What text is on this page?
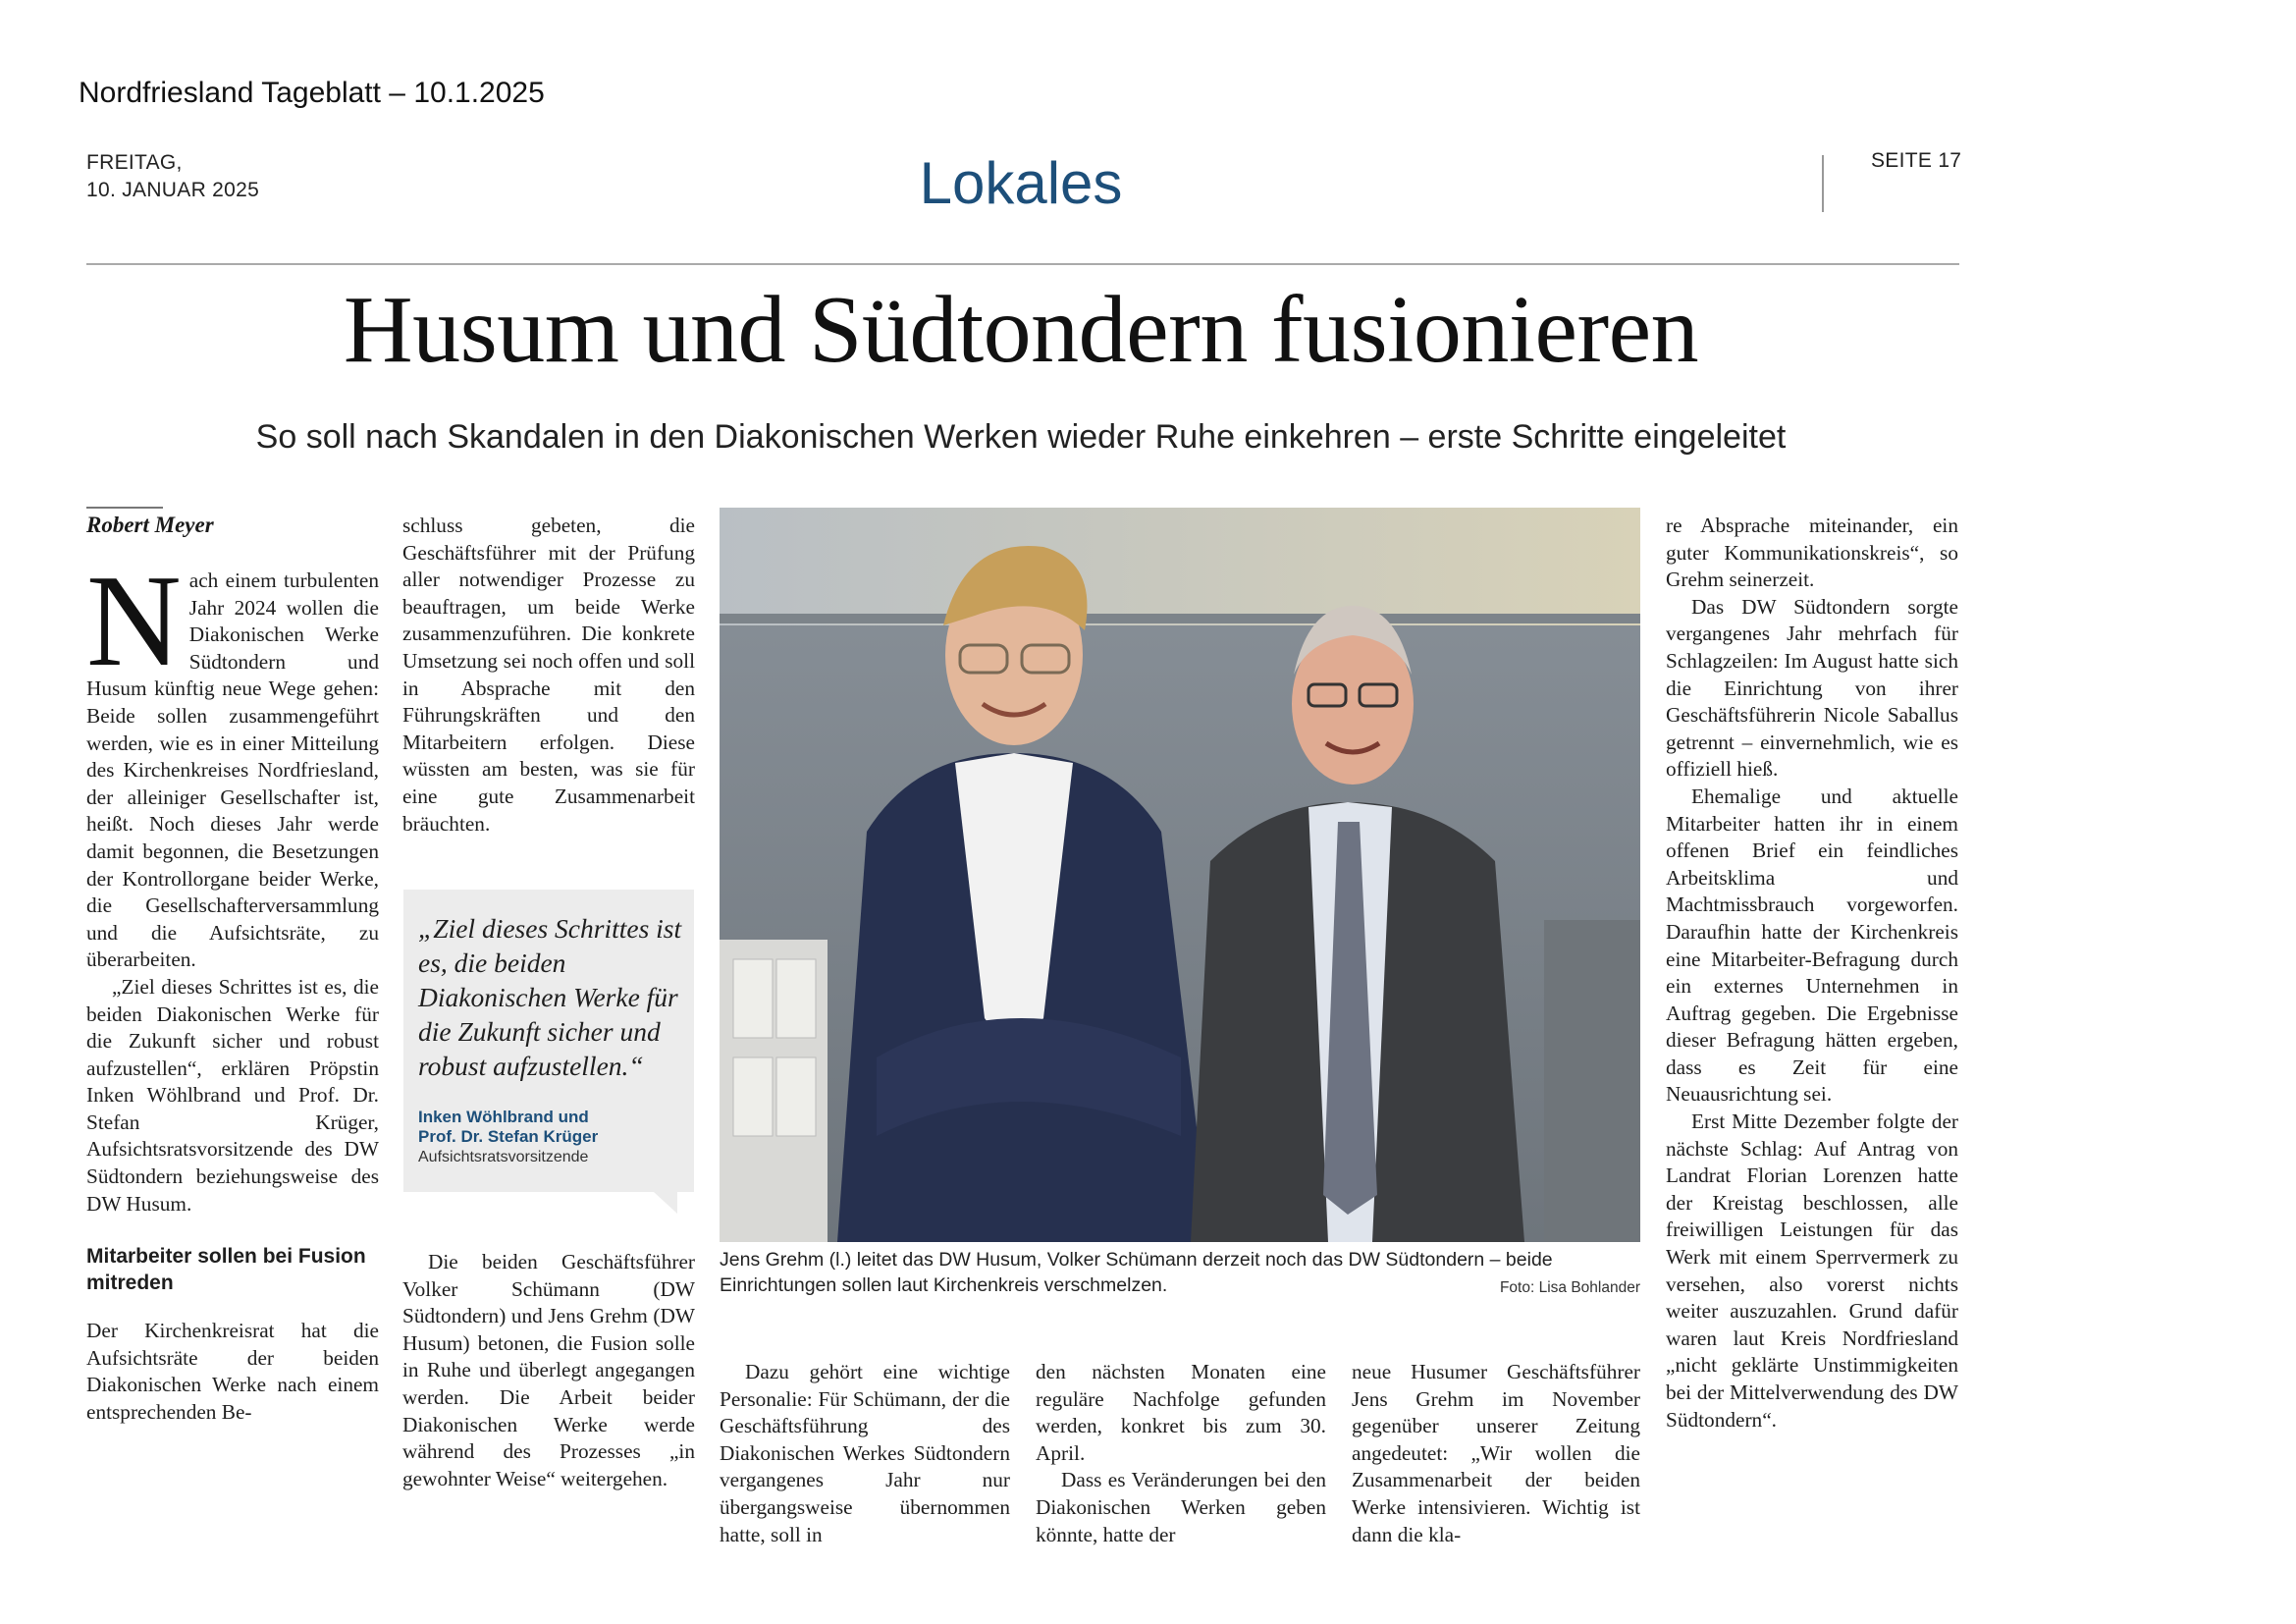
Nordfriesland Tageblatt – 10.1.2025
FREITAG,
10. JANUAR 2025	Lokales	SEITE 17
Husum und Südtondern fusionieren
So soll nach Skandalen in den Diakonischen Werken wieder Ruhe einkehren – erste Schritte eingeleitet
Robert Meyer

Nach einem turbulenten Jahr 2024 wollen die Diakonischen Werke Südtondern und Husum künftig neue Wege gehen: Beide sollen zusammengeführt werden, wie es in einer Mitteilung des Kirchenkreises Nordfriesland, der alleiniger Gesellschafter ist, heißt. Noch dieses Jahr werde damit begonnen, die Besetzungen der Kontrollorgane beider Werke, die Gesellschafterversammlung und die Aufsichtsräte, zu überarbeiten.

„Ziel dieses Schrittes ist es, die beiden Diakonischen Werke für die Zukunft sicher und robust aufzustellen“, erklären Pröpstin Inken Wöhlbrand und Prof. Dr. Stefan Krüger, Aufsichtsratsvorsitzende des DW Südtondern beziehungsweise des DW Husum.

Mitarbeiter sollen bei Fusion mitreden

Der Kirchenkreisrat hat die Aufsichtsräte der beiden Diakonischen Werke nach einem entsprechenden Be-

schluss gebeten, die Geschäftsführer mit der Prüfung aller notwendiger Prozesse zu beauftragen, um beide Werke zusammenzuführen. Die konkrete Umsetzung sei noch offen und soll in Absprache mit den Führungskräften und den Mitarbeitern erfolgen. Diese wüssten am besten, was sie für eine gute Zusammenarbeit bräuchten.

„Ziel dieses Schrittes ist es, die beiden Diakonischen Werke für die Zukunft sicher und robust aufzustellen.“
Inken Wöhlbrand und
Prof. Dr. Stefan Krüger
Aufsichtsratsvorsitzende

Die beiden Geschäftsführer Volker Schümann (DW Südtondern) und Jens Grehm (DW Husum) betonen, die Fusion solle in Ruhe und überlegt angegangen werden. Die Arbeit beider Diakonischen Werke werde während des Prozesses „in gewohnter Weise“ weitergehen.

Jens Grehm (l.) leitet das DW Husum, Volker Schümann derzeit noch das DW Südtondern – beide Einrichtungen sollen laut Kirchenkreis verschmelzen.	Foto: Lisa Bohlander

Dazu gehört eine wichtige Personalie: Für Schümann, der die Geschäftsführung des Diakonischen Werkes Südtondern vergangenes Jahr nur übergangsweise übernommen hatte, soll in

den nächsten Monaten eine reguläre Nachfolge gefunden werden, konkret bis zum 30. April.

Dass es Veränderungen bei den Diakonischen Werken geben könnte, hatte der

neue Husumer Geschäftsführer Jens Grehm im November gegenüber unserer Zeitung angedeutet: „Wir wollen die Zusammenarbeit der beiden Werke intensivieren. Wichtig ist dann die kla-

re Absprache miteinander, ein guter Kommunikationskreis“, so Grehm seinerzeit.

Das DW Südtondern sorgte vergangenes Jahr mehrfach für Schlagzeilen: Im August hatte sich die Einrichtung von ihrer Geschäftsführerin Nicole Saballus getrennt – einvernehmlich, wie es offiziell hieß.

Ehemalige und aktuelle Mitarbeiter hatten ihr in einem offenen Brief ein feindliches Arbeitsklima und Machtmissbrauch vorgeworfen. Daraufhin hatte der Kirchenkreis eine Mitarbeiter-Befragung durch ein externes Unternehmen in Auftrag gegeben. Die Ergebnisse dieser Befragung hätten ergeben, dass es Zeit für eine Neuausrichtung sei.

Erst Mitte Dezember folgte der nächste Schlag: Auf Antrag von Landrat Florian Lorenzen hatte der Kreistag beschlossen, alle freiwilligen Leistungen für das Werk mit einem Sperrvermerk zu versehen, also vorerst nichts weiter auszuzahlen. Grund dafür waren laut Kreis Nordfriesland „nicht geklärte Unstimmigkeiten bei der Mittelverwendung des DW Südtondern“.
